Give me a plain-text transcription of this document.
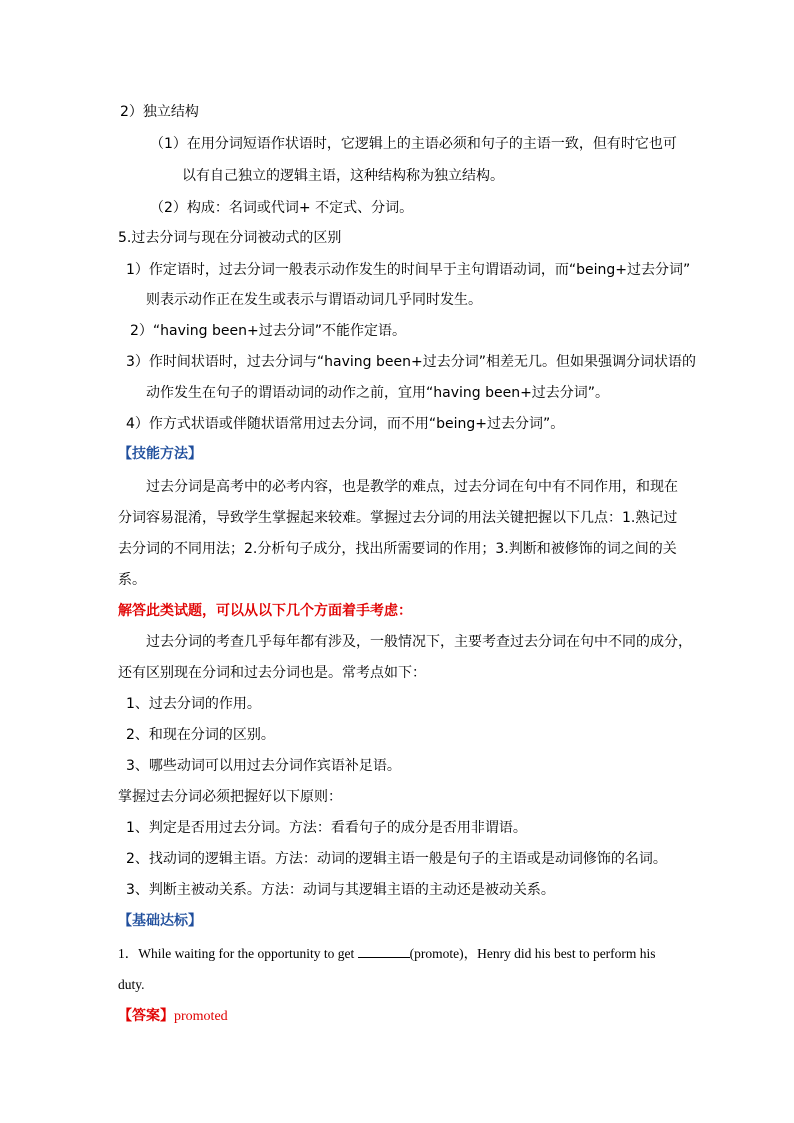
2）独立结构
（1）在用分词短语作状语时，它逻辑上的主语必须和句子的主语一致，但有时它也可
以有自己独立的逻辑主语，这种结构称为独立结构。
（2）构成：名词或代词+ 不定式、分词。
5.过去分词与现在分词被动式的区别
1）作定语时，过去分词一般表示动作发生的时间早于主句谓语动词，而“being+过去分词”
则表示动作正在发生或表示与谓语动词几乎同时发生。
2）“having been+过去分词”不能作定语。
3）作时间状语时，过去分词与“having been+过去分词”相差无几。但如果强调分词状语的
动作发生在句子的谓语动词的动作之前，宜用“having been+过去分词”。
4）作方式状语或伴随状语常用过去分词，而不用“being+过去分词”。
【技能方法】
过去分词是高考中的必考内容，也是教学的难点，过去分词在句中有不同作用，和现在
分词容易混淆，导致学生掌握起来较难。掌握过去分词的用法关键把握以下几点：1.熟记过
去分词的不同用法；2.分析句子成分，找出所需要词的作用；3.判断和被修饰的词之间的关
系。
解答此类试题，可以从以下几个方面着手考虑：
过去分词的考查几乎每年都有涉及，一般情况下，主要考查过去分词在句中不同的成分，
还有区别现在分词和过去分词也是。常考点如下：
1、过去分词的作用。
2、和现在分词的区别。
3、哪些动词可以用过去分词作宾语补足语。
掌握过去分词必须把握好以下原则：
1、判定是否用过去分词。方法：看看句子的成分是否用非谓语。
2、找动词的逻辑主语。方法：动词的逻辑主语一般是句子的主语或是动词修饰的名词。
3、判断主被动关系。方法：动词与其逻辑主语的主动还是被动关系。
【基础达标】
1．While waiting for the opportunity to get	(promote)，Henry did his best to perform his
duty.
【答案】promoted
